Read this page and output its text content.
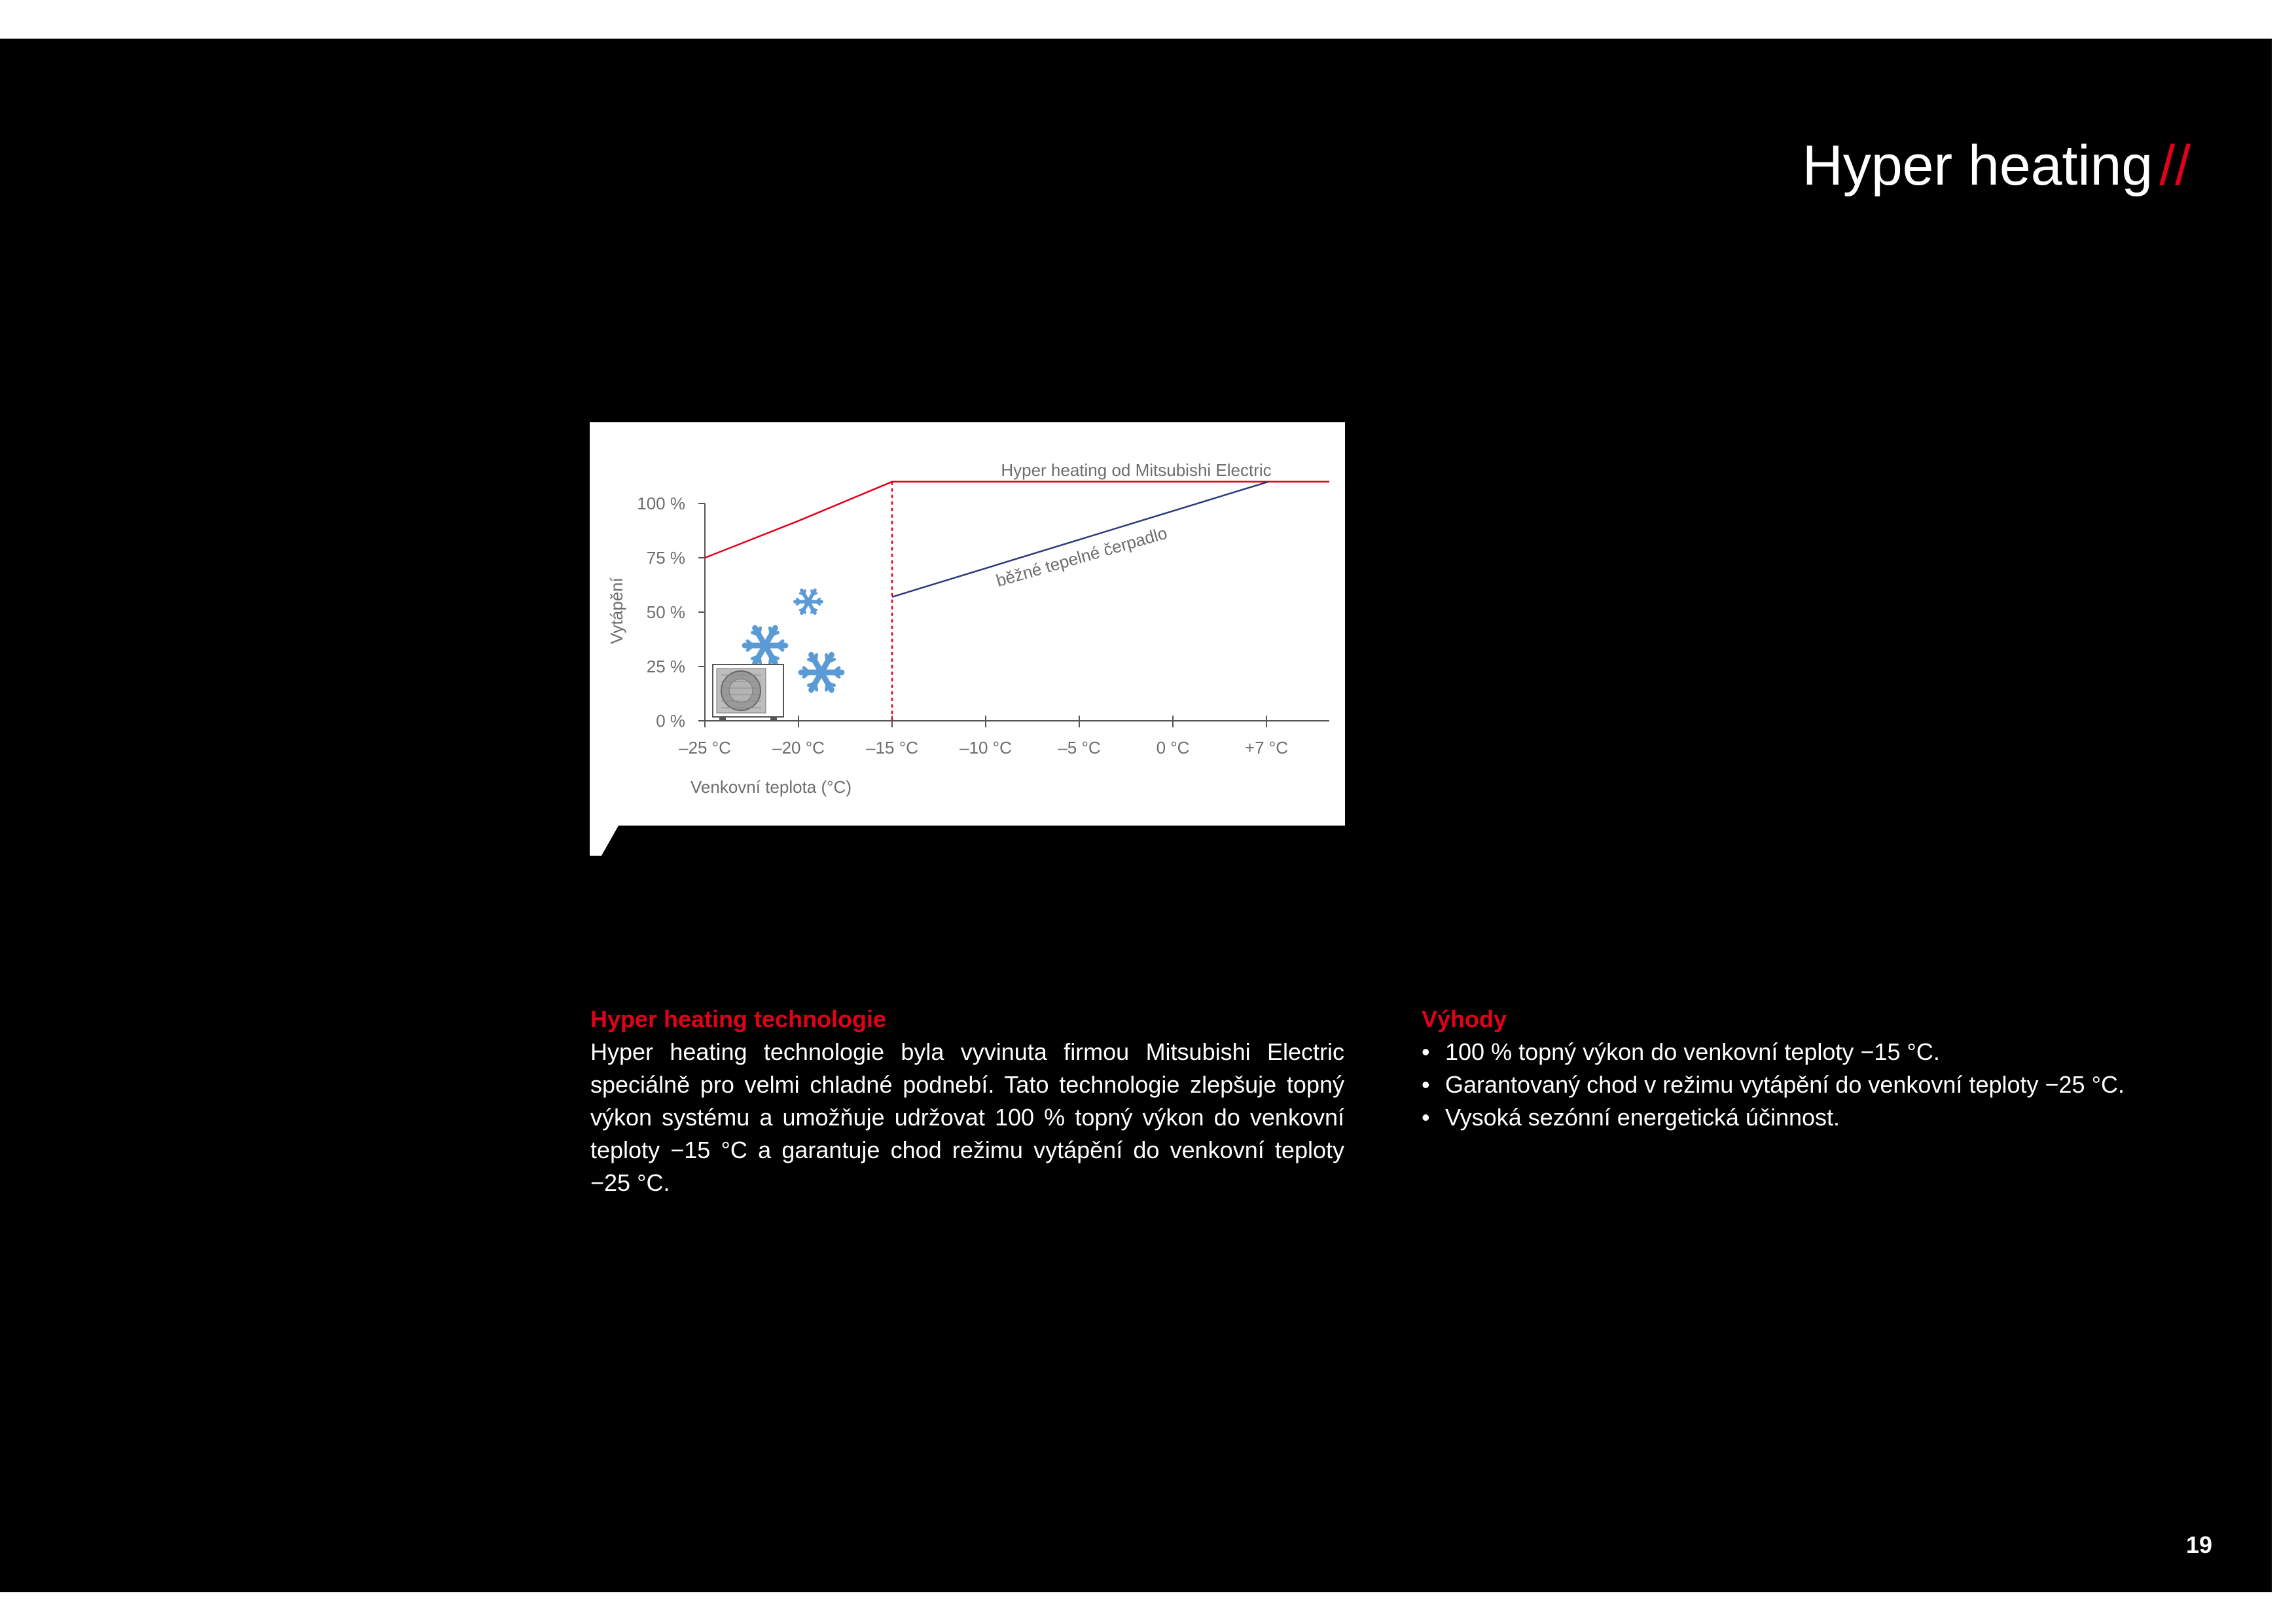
Hyper heating //
100 %
75 %
50 %
25 %
0 %
–25 °C –20 °C –15 °C –10 °C	–5 °C	0 °C	+7 °C
Vytápění
Venkovní teplota (°C)
Hyper heating od Mitsubishi Electric
běžné tepelné čerpadlo

Hyper heating technologie

Hyper heating technologie byla vyvinuta firmou Mitsubishi Electric speciálně pro velmi chladné podnebí. Tato technologie zlepšuje topný výkon systému a umožňuje udržovat 100 % topný výkon do venkovní teploty −15 °C a garantuje chod režimu vytápění do venkovní teploty −25 °C.

Výhody

• 100 % topný výkon do venkovní teploty −15 °C.
• Garantovaný chod v režimu vytápění do venkovní teploty −25 °C.
• Vysoká sezónní energetická účinnost.
19
